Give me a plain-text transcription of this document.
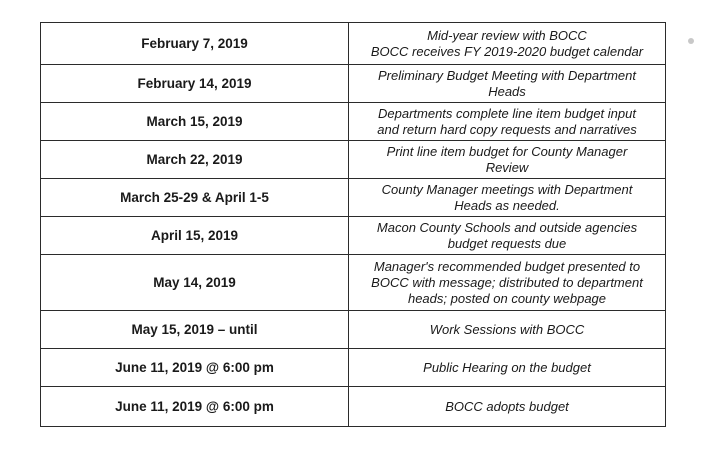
February 7, 2019	Mid-year review with BOCC
BOCC receives FY 2019-2020 budget calendar

February 14, 2019	Preliminary Budget Meeting with Department
Heads

March 15, 2019	Departments complete line item budget input
and return hard copy requests and narratives

March 22, 2019	Print line item budget for County Manager
Review

March 25-29 & April 1-5	County Manager meetings with Department
Heads as needed.

April 15, 2019	Macon County Schools and outside agencies
budget requests due

May 14, 2019	Manager's recommended budget presented to
BOCC with message; distributed to department
heads; posted on county webpage

May 15, 2019 – until	Work Sessions with BOCC

June 11, 2019 @ 6:00 pm	Public Hearing on the budget

June 11, 2019 @ 6:00 pm	BOCC adopts budget
